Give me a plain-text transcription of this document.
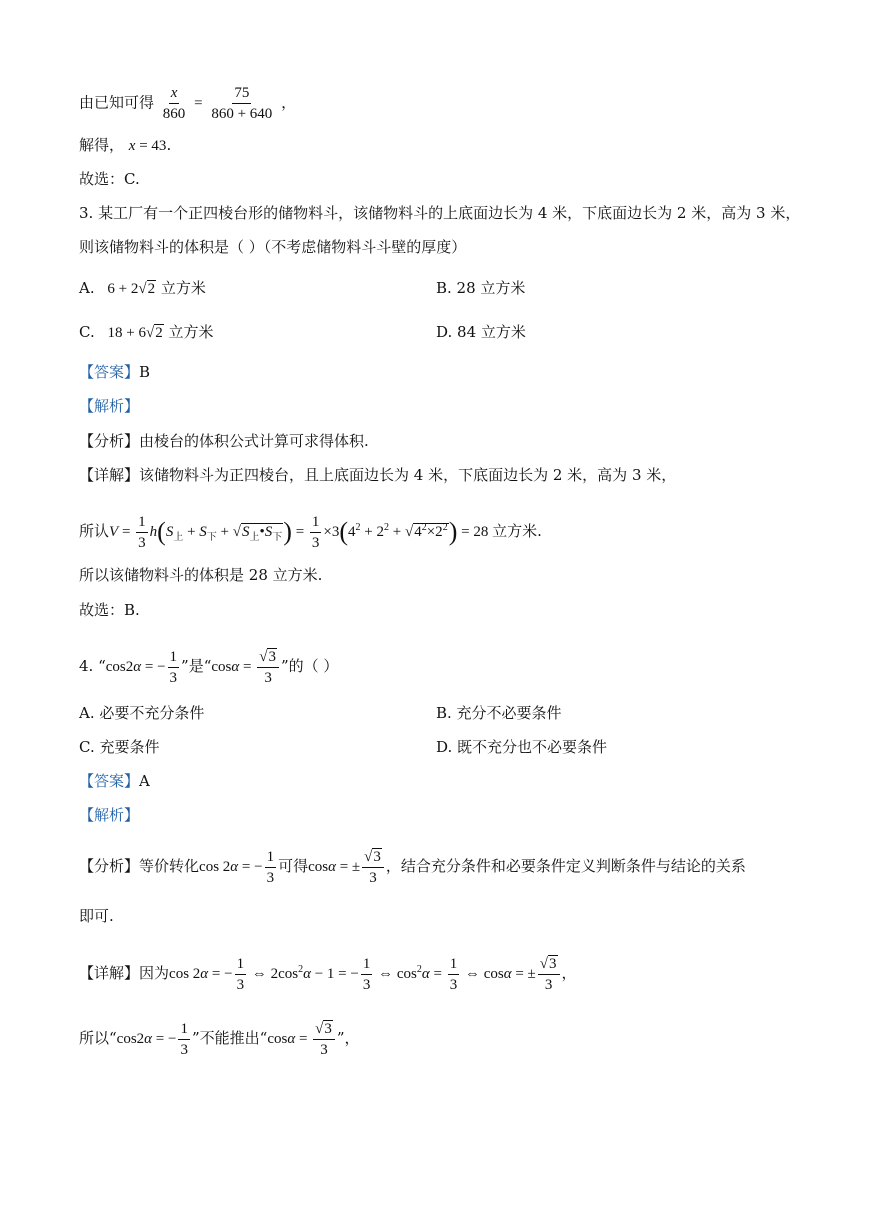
由已知可得 $\frac{x}{860} = \frac{75}{860 + 640}$ ，
解得， x = 43.
故选：C.
3. 某工厂有一个正四棱台形的储物料斗，该储物料斗的上底面边长为 4 米，下底面边长为 2 米，高为 3 米，
则该储物料斗的体积是（ ）（不考虑储物料斗斗壁的厚度）
A. 6 + 2√2 立方米	B. 28 立方米
C. 18 + 6√2 立方米	D. 84 立方米
【答案】B
【解析】
【分析】由棱台的体积公式计算可求得体积.
【详解】该储物料斗为正四棱台，且上底面边长为 4 米，下底面边长为 2 米，高为 3 米，
所认$V = \frac{1}{3} h(S_上 + S_下$ + $√S_上•S_下) = \frac{1}{3} \times 3(4^2 + 2^2 + √4^2\times 2^2) = 28$ 立方米.
所以该储物料斗的体积是 28 立方米.
故选：B.
4. “cos2α = − $\frac{1}{3}$ ”是“$\cos\alpha = \frac{√3}{3}$ ”的（ ）
A. 必要不充分条件	B. 充分不必要条件
C. 充要条件	D. 既不充分也不必要条件
【答案】A
【解析】
【分析】等价转化cos 2α = − $\frac{1}{3}$ 可得cosα = ± $\frac{√3}{3}$ ，结合充分条件和必要条件定义判断条件与结论的关系
即可.
【详解】因为cos 2α = − $\frac{1}{3}$ ⇔ $2\cos^2\alpha - 1$ = − $\frac{1}{3}$ ⇔ $\cos^2\alpha = \frac{1}{3}$ ⇔ cosα = ± $\frac{√3}{3}$ ，
所以“cos2α = − $\frac{1}{3}$ ”不能推出“$\cos\alpha = \frac{√3}{3}$ ”，
